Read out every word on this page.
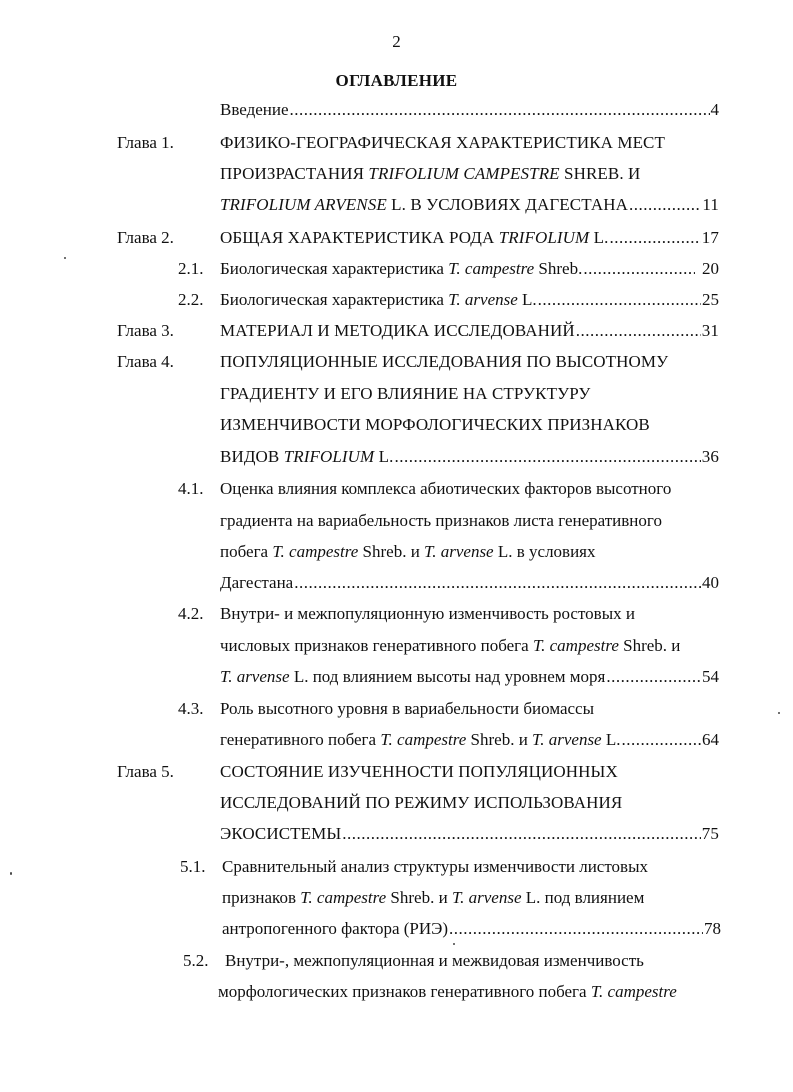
2
ОГЛАВЛЕНИЕ
Введение .....	4
Глава 1.	ФИЗИКО-ГЕОГРАФИЧЕСКАЯ ХАРАКТЕРИСТИКА МЕСТ
ПРОИЗРАСТАНИЯ TRIFOLIUM CAMPESTRE SHREB. И
TRIFOLIUM ARVENSE L. В УСЛОВИЯХ ДАГЕСТАНА .....	11
Глава 2.	ОБЩАЯ ХАРАКТЕРИСТИКА РОДА TRIFOLIUM L. .....	17
2.1. Биологическая характеристика T. campestre Shreb. .....	20
2.2. Биологическая характеристика T. arvense L. .....	25
Глава 3.	МАТЕРИАЛ И МЕТОДИКА ИССЛЕДОВАНИЙ .....	31
Глава 4.	ПОПУЛЯЦИОННЫЕ ИССЛЕДОВАНИЯ ПО ВЫСОТНОМУ
ГРАДИЕНТУ И ЕГО ВЛИЯНИЕ НА СТРУКТУРУ
ИЗМЕНЧИВОСТИ МОРФОЛОГИЧЕСКИХ ПРИЗНАКОВ
ВИДОВ TRIFOLIUM L. .....	36
4.1. Оценка влияния комплекса абиотических факторов высотного
градиента на вариабельность признаков листа генеративного
побега T. campestre Shreb. и T. arvense L. в условиях
Дагестана .....	40
4.2. Внутри- и межпопуляционную изменчивость ростовых и
числовых признаков генеративного побега T. campestre Shreb. и
T. arvense L. под влиянием высоты над уровнем моря .....	54
4.3. Роль высотного уровня в вариабельности биомассы
генеративного побега T. campestre Shreb. и T. arvense L. .....	64
Глава 5.	СОСТОЯНИЕ ИЗУЧЕННОСТИ ПОПУЛЯЦИОННЫХ
ИССЛЕДОВАНИЙ ПО РЕЖИМУ ИСПОЛЬЗОВАНИЯ
ЭКОСИСТЕМЫ .....	75
5.1. Сравнительный анализ структуры изменчивости листовых
признаков T. campestre Shreb. и T. arvense L. под влиянием
антропогенного фактора (РИЭ) .....	78
5.2. Внутри-, межпопуляционная и межвидовая изменчивость
морфологических признаков генеративного побега T. campestre
